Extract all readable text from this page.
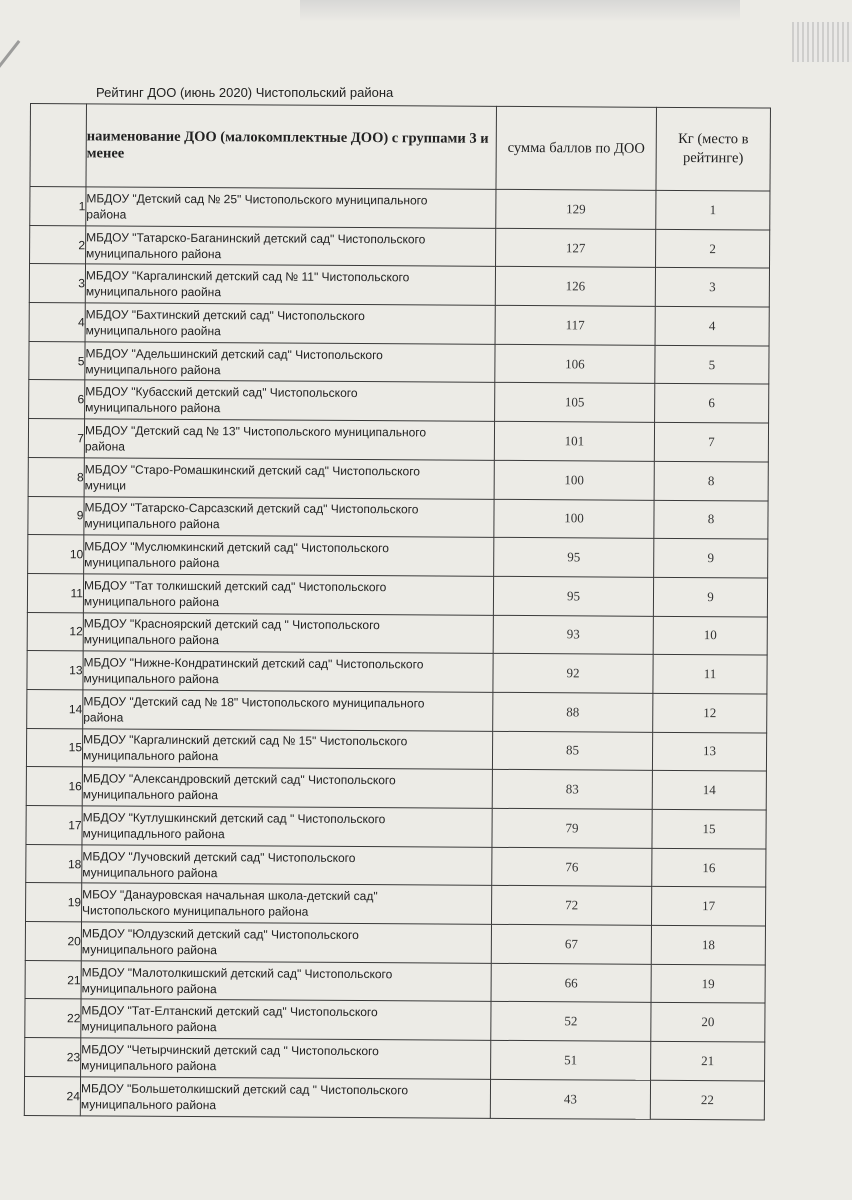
Рейтинг ДОО (июнь 2020) Чистопольский района
	наименование ДОО (малокомплектные ДОО) с группами 3 и менее	сумма баллов по ДОО	Кг (место в рейтинге)
1	МБДОУ "Детский сад № 25" Чистопольского муниципального
района	129	1
2	МБДОУ "Татарско-Баганинский детский сад" Чистопольского
муниципального района	127	2
3	МБДОУ "Каргалинский детский сад № 11" Чистопольского
муниципального раойна	126	3
4	МБДОУ "Бахтинский детский сад" Чистопольского
муниципального раойна	117	4
5	МБДОУ "Адельшинский детский сад" Чистопольского
муниципального района	106	5
6	МБДОУ "Кубасский детский сад" Чистопольского
муниципального района	105	6
7	МБДОУ "Детский сад № 13" Чистопольского муниципального
района	101	7
8	МБДОУ "Старо-Ромашкинский детский сад" Чистопольского
муници	100	8
9	МБДОУ "Татарско-Сарсазский детский сад" Чистопольского
муниципального района	100	8
10	МБДОУ "Муслюмкинский детский сад" Чистопольского
муниципального района	95	9
11	МБДОУ "Тат толкишский детский сад" Чистопольского
муниципального района	95	9
12	МБДОУ "Красноярский детский сад " Чистопольского
муниципального района	93	10
13	МБДОУ "Нижне-Кондратинский детский сад" Чистопольского
муниципального района	92	11
14	МБДОУ "Детский сад № 18" Чистопольского муниципального
района	88	12
15	МБДОУ "Каргалинский детский сад № 15" Чистопольского
муниципального района	85	13
16	МБДОУ "Александровский детский сад" Чистопольского
муниципального района	83	14
17	МБДОУ "Кутлушкинский детский сад " Чистопольского
муниципадльного района	79	15
18	МБДОУ "Лучовский детский сад" Чистопольского
муниципального района	76	16
19	МБОУ "Данауровская начальная школа-детский сад"
Чистопольского муниципального района	72	17
20	МБДОУ "Юлдузский детский сад" Чистопольского
муниципального района	67	18
21	МБДОУ "Малотолкишский детский сад" Чистопольского
муниципального района	66	19
22	МБДОУ "Тат-Елтанский детский сад" Чистопольского
муниципального района	52	20
23	МБДОУ "Четырчинский детский сад " Чистопольского
муниципального района	51	21
24	МБДОУ "Большетолкишский детский сад " Чистопольского
муниципального района	43	22
